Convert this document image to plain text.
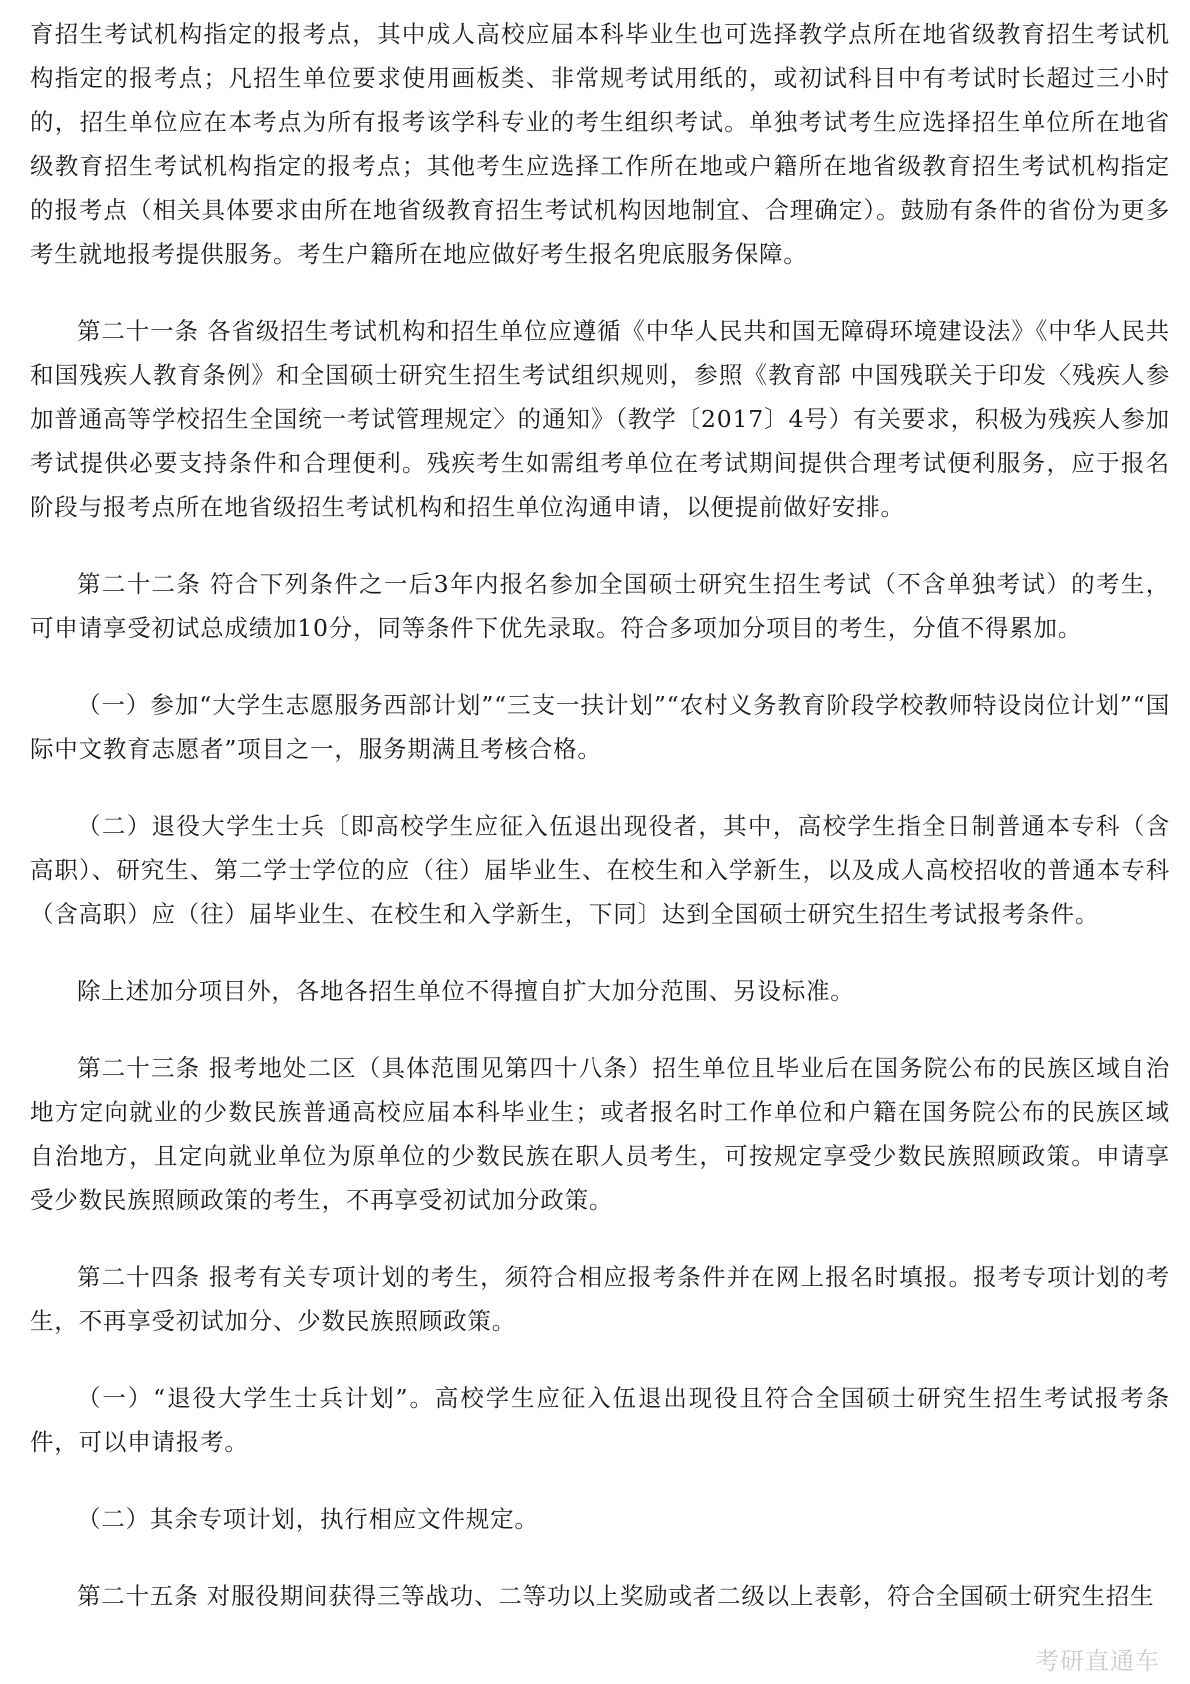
育招生考试机构指定的报考点，其中成人高校应届本科毕业生也可选择教学点所在地省级教育招生考试机构指定的报考点；凡招生单位要求使用画板类、非常规考试用纸的，或初试科目中有考试时长超过三小时的，招生单位应在本考点为所有报考该学科专业的考生组织考试。单独考试考生应选择招生单位所在地省级教育招生考试机构指定的报考点；其他考生应选择工作所在地或户籍所在地省级教育招生考试机构指定的报考点（相关具体要求由所在地省级教育招生考试机构因地制宜、合理确定）。鼓励有条件的省份为更多考生就地报考提供服务。考生户籍所在地应做好考生报名兜底服务保障。

第二十一条 各省级招生考试机构和招生单位应遵循《中华人民共和国无障碍环境建设法》《中华人民共和国残疾人教育条例》和全国硕士研究生招生考试组织规则，参照《教育部 中国残联关于印发〈残疾人参加普通高等学校招生全国统一考试管理规定〉的通知》（教学〔2017〕4号）有关要求，积极为残疾人参加考试提供必要支持条件和合理便利。残疾考生如需组考单位在考试期间提供合理考试便利服务，应于报名阶段与报考点所在地省级招生考试机构和招生单位沟通申请，以便提前做好安排。

第二十二条 符合下列条件之一后3年内报名参加全国硕士研究生招生考试（不含单独考试）的考生，可申请享受初试总成绩加10分，同等条件下优先录取。符合多项加分项目的考生，分值不得累加。

（一）参加“大学生志愿服务西部计划”“三支一扶计划”“农村义务教育阶段学校教师特设岗位计划”“国际中文教育志愿者”项目之一，服务期满且考核合格。

（二）退役大学生士兵〔即高校学生应征入伍退出现役者，其中，高校学生指全日制普通本专科（含高职）、研究生、第二学士学位的应（往）届毕业生、在校生和入学新生，以及成人高校招收的普通本专科（含高职）应（往）届毕业生、在校生和入学新生，下同〕达到全国硕士研究生招生考试报考条件。

除上述加分项目外，各地各招生单位不得擅自扩大加分范围、另设标准。

第二十三条 报考地处二区（具体范围见第四十八条）招生单位且毕业后在国务院公布的民族区域自治地方定向就业的少数民族普通高校应届本科毕业生；或者报名时工作单位和户籍在国务院公布的民族区域自治地方，且定向就业单位为原单位的少数民族在职人员考生，可按规定享受少数民族照顾政策。申请享受少数民族照顾政策的考生，不再享受初试加分政策。

第二十四条 报考有关专项计划的考生，须符合相应报考条件并在网上报名时填报。报考专项计划的考生，不再享受初试加分、少数民族照顾政策。

（一）“退役大学生士兵计划”。高校学生应征入伍退出现役且符合全国硕士研究生招生考试报考条件，可以申请报考。

（二）其余专项计划，执行相应文件规定。

第二十五条 对服役期间获得三等战功、二等功以上奖励或者二级以上表彰，符合全国硕士研究生招生

考研直通车
